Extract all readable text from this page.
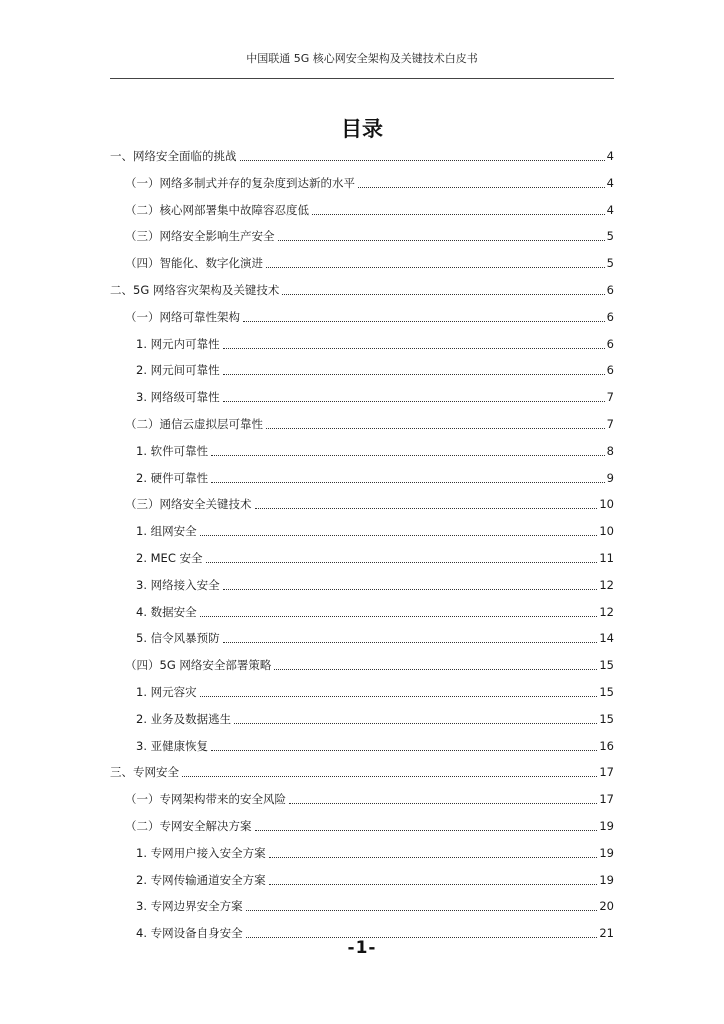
中国联通 5G 核心网安全架构及关键技术白皮书
目录
一、网络安全面临的挑战	4
（一）网络多制式并存的复杂度到达新的水平	4
（二）核心网部署集中故障容忍度低	4
（三）网络安全影响生产安全	5
（四）智能化、数字化演进	5
二、5G 网络容灾架构及关键技术	6
（一）网络可靠性架构	6
1. 网元内可靠性	6
2. 网元间可靠性	6
3. 网络级可靠性	7
（二）通信云虚拟层可靠性	7
1. 软件可靠性	8
2. 硬件可靠性	9
（三）网络安全关键技术	10
1. 组网安全	10
2. MEC 安全	11
3. 网络接入安全	12
4. 数据安全	12
5. 信令风暴预防	14
（四）5G 网络安全部署策略	15
1. 网元容灾	15
2. 业务及数据逃生	15
3. 亚健康恢复	16
三、专网安全	17
（一）专网架构带来的安全风险	17
（二）专网安全解决方案	19
1. 专网用户接入安全方案	19
2. 专网传输通道安全方案	19
3. 专网边界安全方案	20
4. 专网设备自身安全	21
-1-
